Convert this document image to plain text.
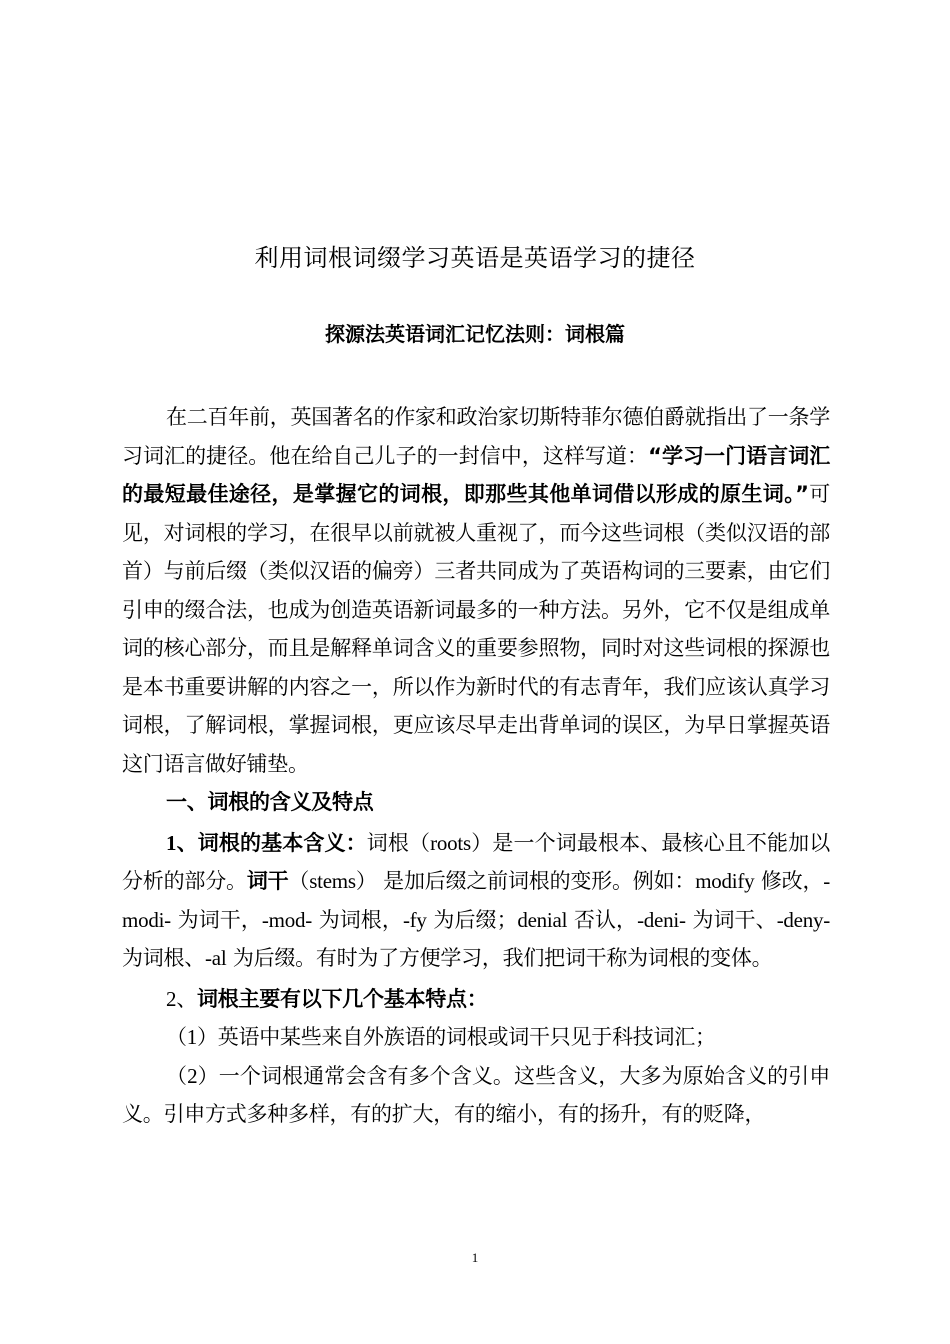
利用词根词缀学习英语是英语学习的捷径
探源法英语词汇记忆法则：词根篇

在二百年前，英国著名的作家和政治家切斯特菲尔德伯爵就指出了一条学习词汇的捷径。他在给自己儿子的一封信中，这样写道：“学习一门语言词汇的最短最佳途径，是掌握它的词根，即那些其他单词借以形成的原生词。”可见，对词根的学习，在很早以前就被人重视了，而今这些词根（类似汉语的部首）与前后缀（类似汉语的偏旁）三者共同成为了英语构词的三要素，由它们引申的缀合法，也成为创造英语新词最多的一种方法。另外，它不仅是组成单词的核心部分，而且是解释单词含义的重要参照物，同时对这些词根的探源也是本书重要讲解的内容之一，所以作为新时代的有志青年，我们应该认真学习词根，了解词根，掌握词根，更应该尽早走出背单词的误区，为早日掌握英语这门语言做好铺垫。

一、词根的含义及特点

1、词根的基本含义：词根（roots）是一个词最根本、最核心且不能加以分析的部分。词干（stems） 是加后缀之前词根的变形。例如：modify 修改，-modi- 为词干，-mod- 为词根，-fy 为后缀；denial 否认，-deni- 为词干、-deny- 为词根、-al 为后缀。有时为了方便学习，我们把词干称为词根的变体。

2、词根主要有以下几个基本特点：

（1）英语中某些来自外族语的词根或词干只见于科技词汇；

（2）一个词根通常会含有多个含义。这些含义，大多为原始含义的引申义。引申方式多种多样，有的扩大，有的缩小，有的扬升，有的贬降，

1
